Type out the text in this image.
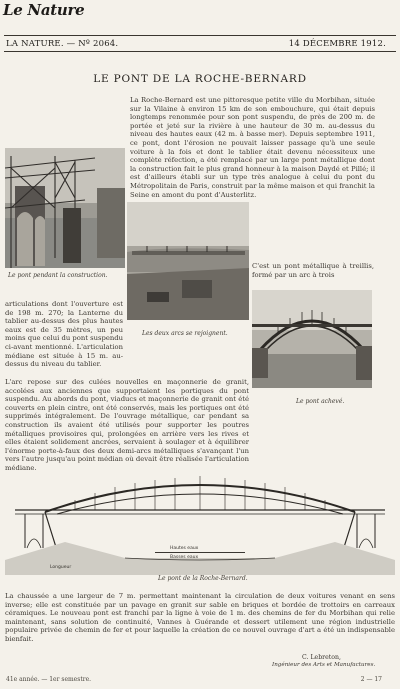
Le Nature
LA NATURE. — Nº 2064.	14 DÉCEMBRE 1912.
LE PONT DE LA ROCHE-BERNARD
Le pont pendant la construction.
Les deux arcs se rejoignent.
Le pont achevé.
La Roche-Bernard est une pittoresque petite ville du Morbihan, située sur la Vilaine à environ 15 km de son embouchure, qui était depuis longtemps renommée pour son pont suspendu, de près de 200 m. de portée et jeté sur la rivière à une hauteur de 30 m. au-dessus du niveau des hautes eaux (42 m. à basse mer). Depuis septembre 1911, ce pont, dont l'érosion ne pouvait laisser passage qu'à une seule voiture à la fois et dont le tablier était devenu nécessiteux une complète réfection, a été remplacé par un large pont métallique dont la construction fait le plus grand honneur à la maison Daydé et Pillé; il est d'ailleurs établi sur un type très analogue à celui du pont du Métropolitain de Paris, construit par la même maison et qui franchit la Seine en amont du pont d'Austerlitz.
C'est un pont métallique à treillis, formé par un arc à trois
articulations dont l'ouverture est de 198 m. 270; la Lanterne du tablier au-dessus des plus hautes eaux est de 35 mètres, un peu moins que celui du pont suspendu ci-avant mentionné. L'articulation médiane est située à 15 m. au-dessus du niveau du tablier.
L'arc repose sur des culées nouvelles en maçonnerie de granit, accolées aux anciennes que supportaient les portiques du pont suspendu. Au abords du pont, viaducs et maçonnerie de granit ont été couverts en plein cintre, ont été conservés, mais les portiques ont été supprimés intégralement. De l'ouvrage métallique, car pendant sa construction ils avaient été utilisés pour supporter les poutres métalliques provisoires qui, prolongées en arrière vers les rives et elles étaient solidement ancrées, servaient à soulager et à équilibrer l'énorme porte-à-faux des deux demi-arcs métalliques s'avançant l'un vers l'autre jusqu'au point médian où devait être réalisée l'articulation médiane.
Hautes eaux
Basses eaux
Longueur
Le pont de la Roche-Bernard.
La chaussée a une largeur de 7 m. permettant maintenant la circulation de deux voitures venant en sens inverse; elle est constituée par un pavage en granit sur sable en briques et bordée de trottoirs en carreaux céramiques. Le nouveau pont est franchi par la ligne à voie de 1 m. des chemins de fer du Morbihan qui relie maintenant, sans solution de continuité, Vannes à Guérande et dessert utilement une région industrielle populaire privée de chemin de fer et pour laquelle la création de ce nouvel ouvrage d'art a été un indispensable bienfait.
C. Lebreton,
Ingénieur des Arts et Manufactures.
41e année. — 1er semestre.	2 — 17
